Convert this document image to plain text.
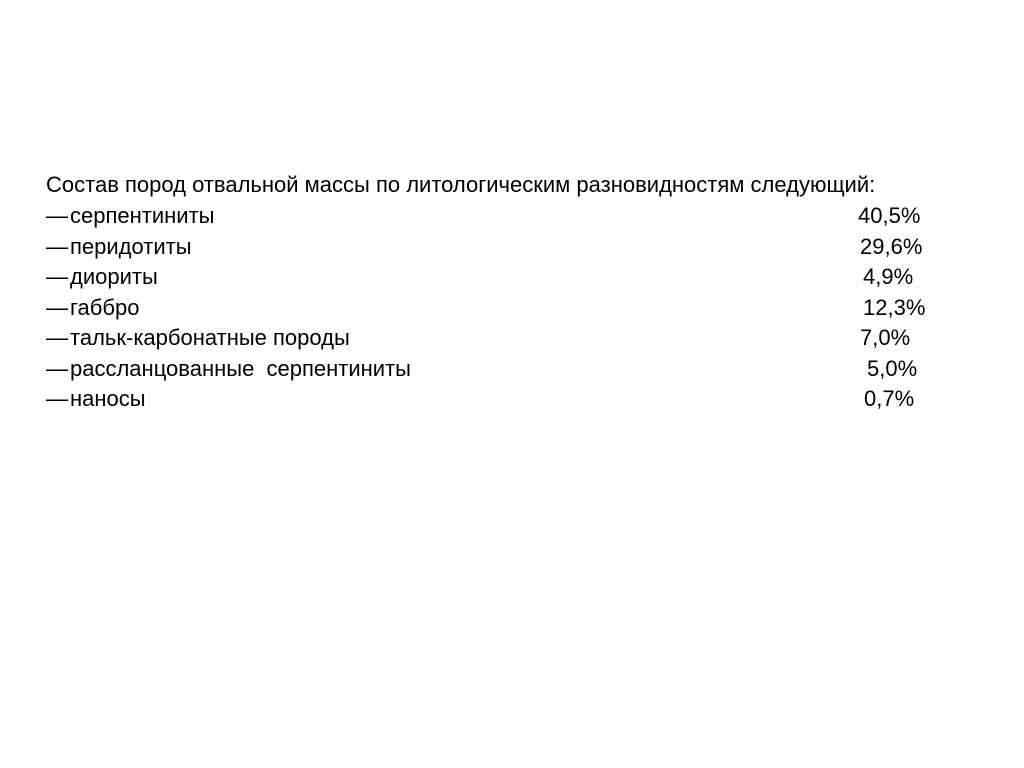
Состав пород отвальной массы по литологическим разновидностям следующий:
—серпентиниты	40,5%
—перидотиты	29,6%
—диориты	4,9%
—габбро	12,3%
—тальк-карбонатные породы	7,0%
—рассланцованные  серпентиниты	5,0%
—наносы	0,7%
